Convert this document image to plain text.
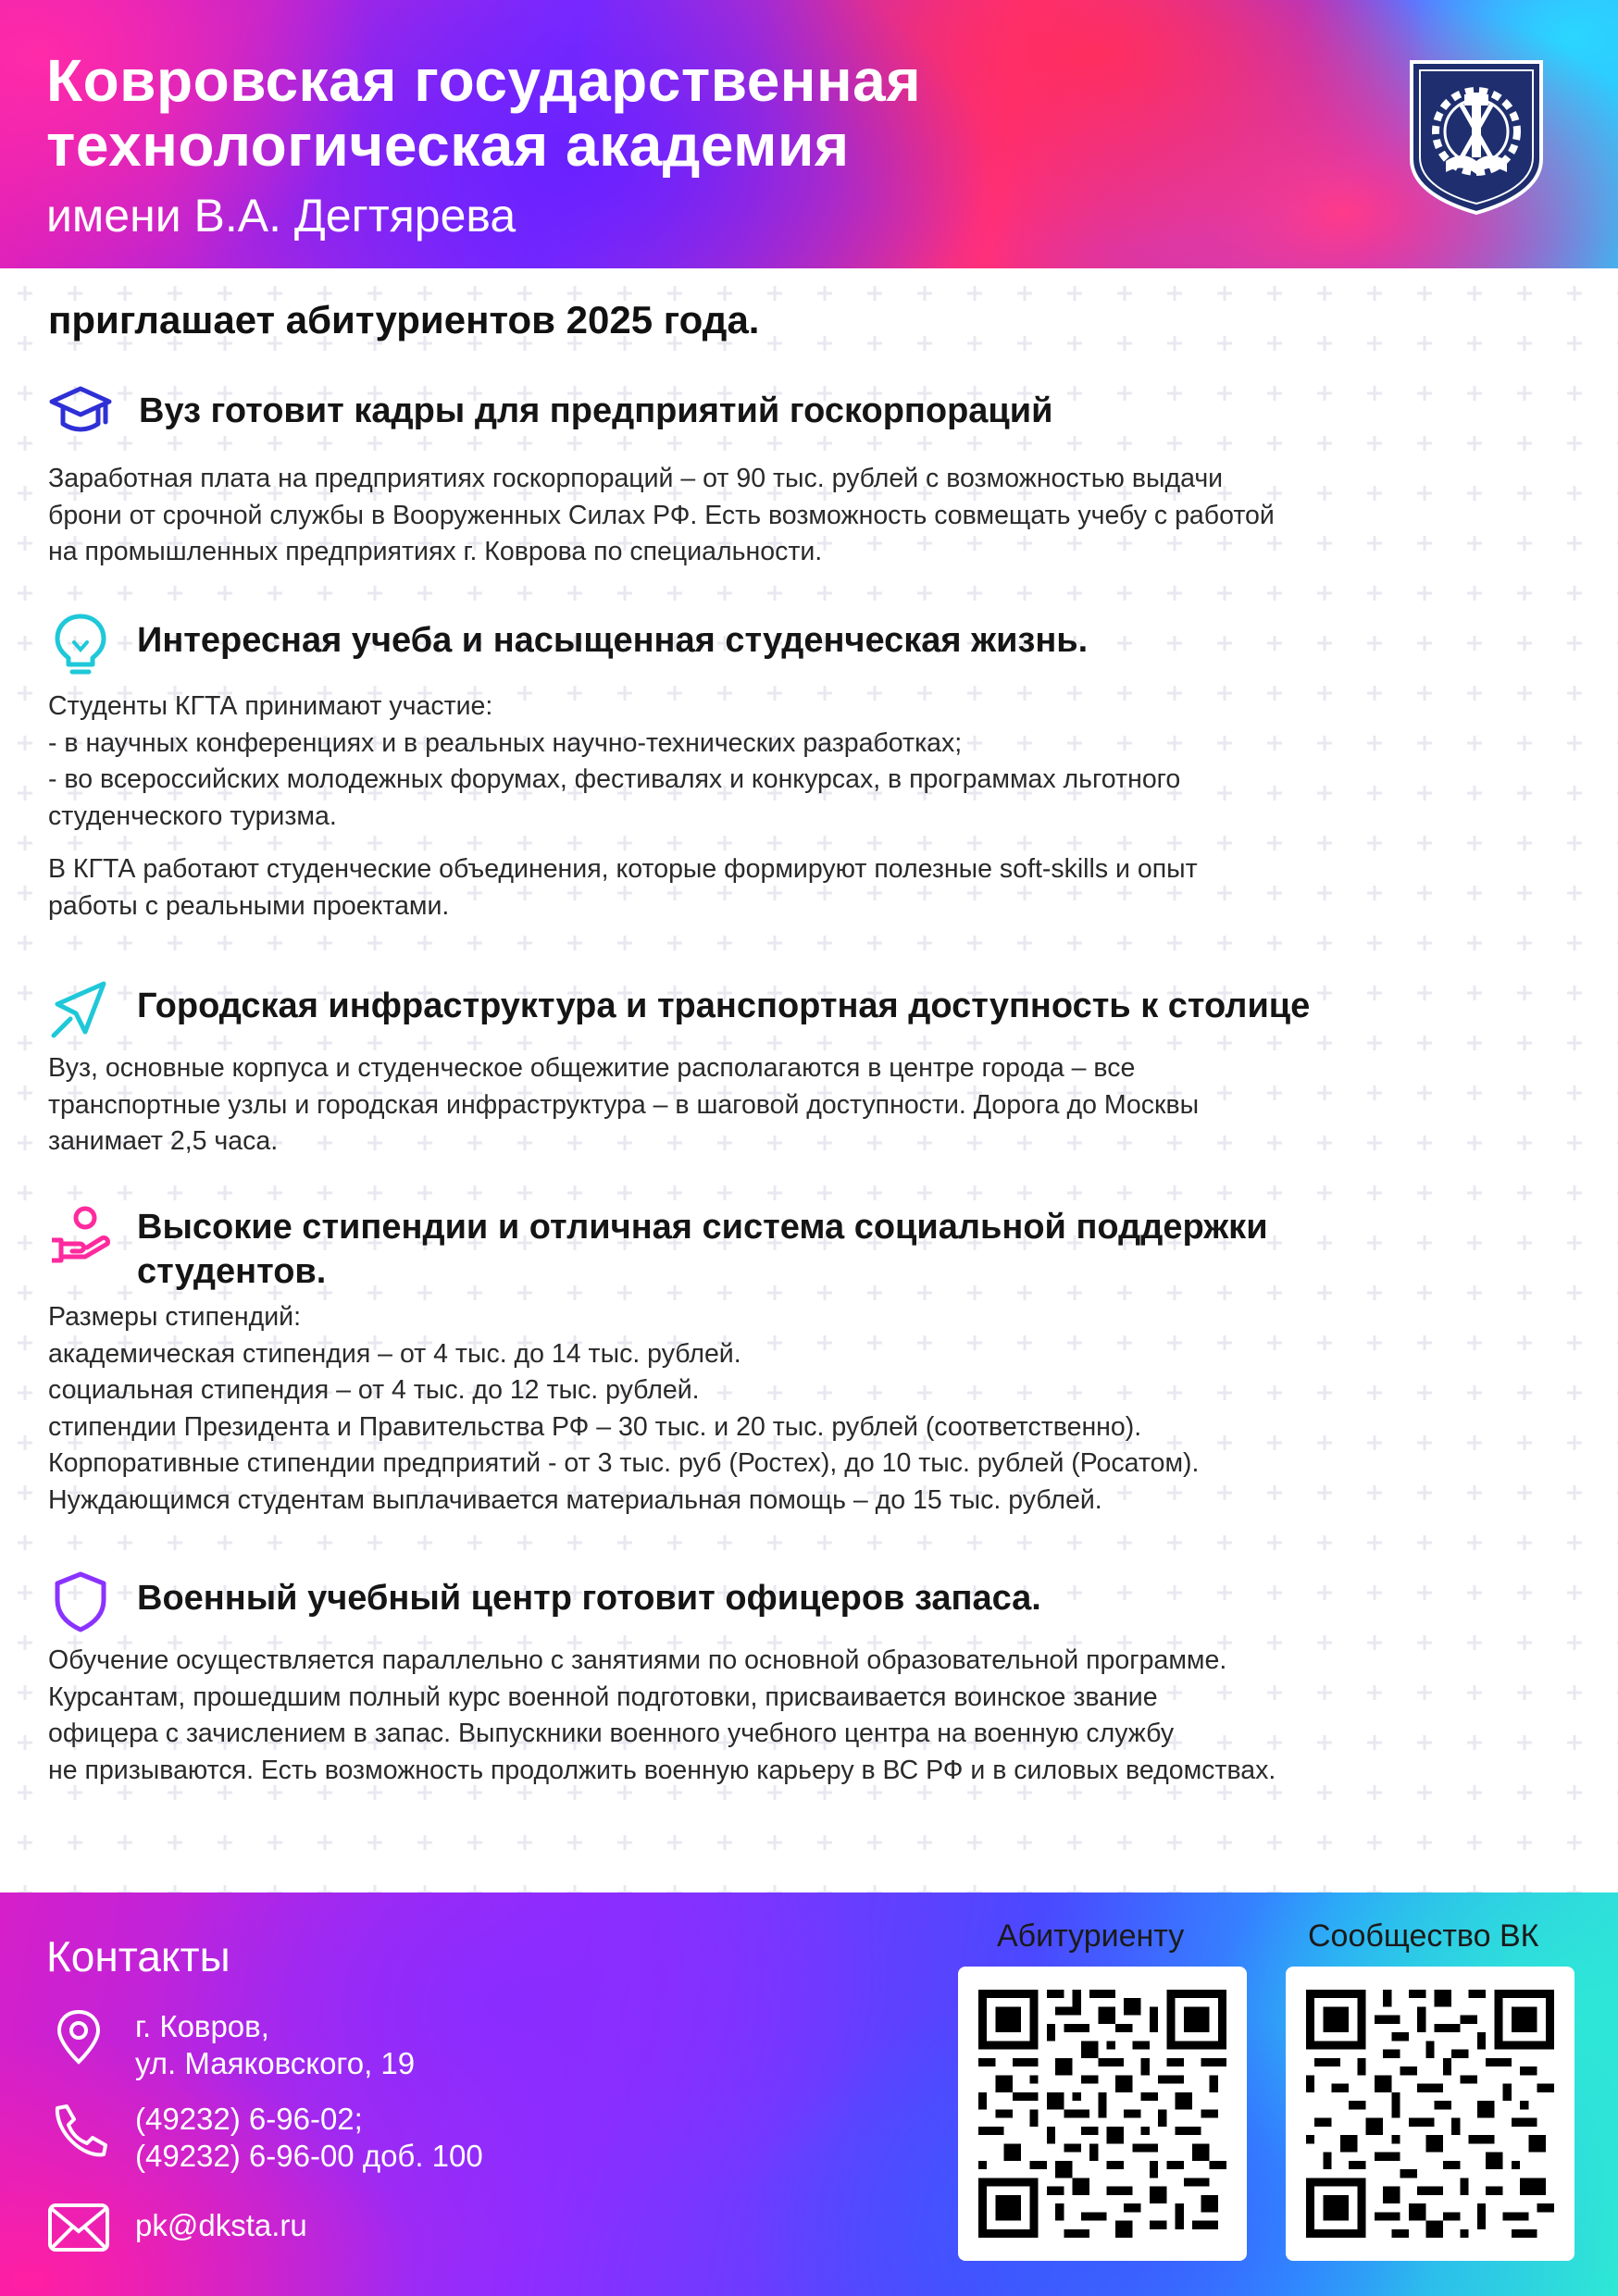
Ковровская государственная
технологическая академия
имени В.А. Дегтярева
приглашает абитуриентов 2025 года.
Вуз готовит кадры для предприятий госкорпораций
Заработная плата на предприятиях госкорпораций – от 90 тыс. рублей с возможностью выдачи
брони от срочной службы в Вооруженных Силах РФ. Есть возможность совмещать учебу с работой
на промышленных предприятиях г. Коврова по специальности.
Интересная учеба и насыщенная студенческая жизнь.
Студенты КГТА принимают участие:
- в научных конференциях и в реальных научно-технических разработках;
- во всероссийских молодежных форумах, фестивалях и конкурсах, в программах льготного
студенческого туризма.
В КГТА работают студенческие объединения, которые формируют полезные soft-skills и опыт
работы с реальными проектами.
Городская инфраструктура и транспортная доступность к столице
Вуз, основные корпуса и студенческое общежитие располагаются в центре города – все
транспортные узлы и городская инфраструктура – в шаговой доступности. Дорога до Москвы
занимает 2,5 часа.
Высокие стипендии и отличная система социальной поддержки
студентов.
Размеры стипендий:
академическая стипендия – от 4 тыс. до 14 тыс. рублей.
социальная стипендия – от 4 тыс. до 12 тыс. рублей.
стипендии Президента и Правительства РФ – 30 тыс. и 20 тыс. рублей (соответственно).
Корпоративные стипендии предприятий - от 3 тыс. руб (Ростех), до 10 тыс. рублей (Росатом).
Нуждающимся студентам выплачивается материальная помощь – до 15 тыс. рублей.
Военный учебный центр готовит офицеров запаса.
Обучение осуществляется параллельно с занятиями по основной образовательной программе.
Курсантам, прошедшим полный курс военной подготовки, присваивается воинское звание
офицера с зачислением в запас. Выпускники военного учебного центра на военную службу
не призываются. Есть возможность продолжить военную карьеру в ВС РФ и в силовых ведомствах.
Контакты
г. Ковров,
ул. Маяковского, 19
(49232) 6-96-02;
(49232) 6-96-00 доб. 100
pk@dksta.ru
Абитуриенту	Сообщество ВК
